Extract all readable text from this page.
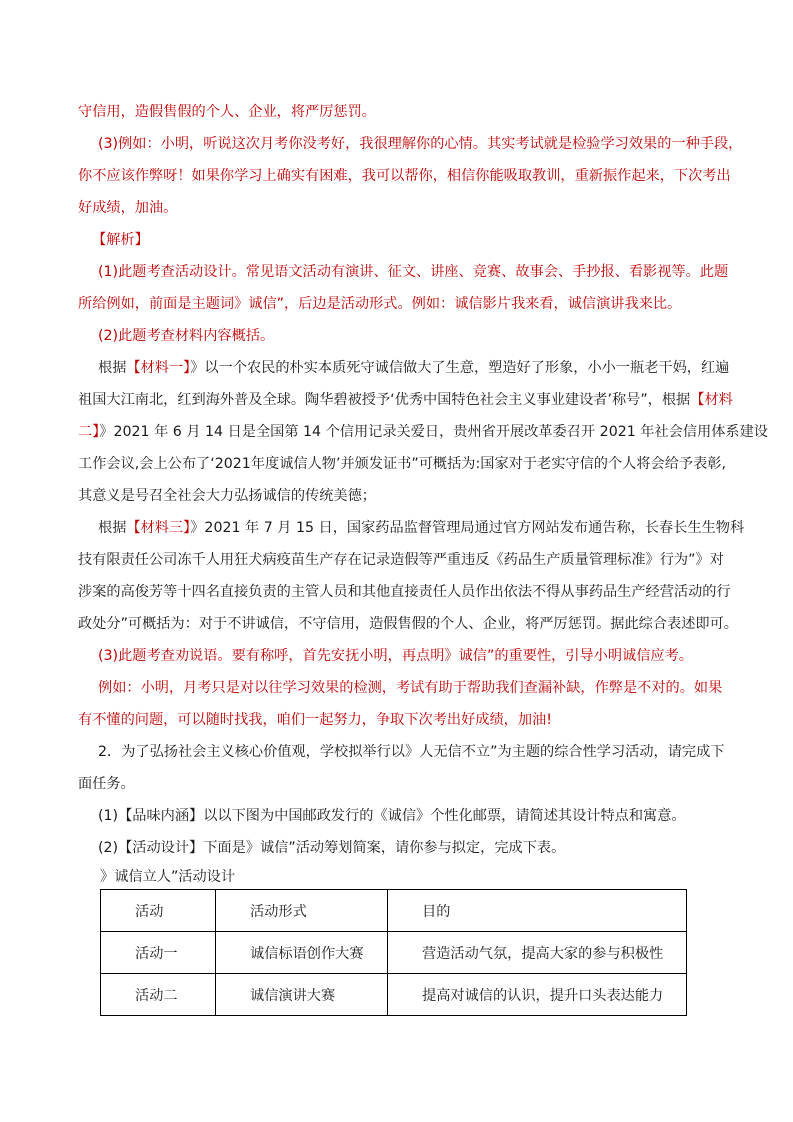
守信用，造假售假的个人、企业，将严厉惩罚。
(3)例如：小明，听说这次月考你没考好，我很理解你的心情。其实考试就是检验学习效果的一种手段，
你不应该作弊呀！如果你学习上确实有困难，我可以帮你，相信你能吸取教训，重新振作起来，下次考出
好成绩，加油。
【解析】
(1)此题考查活动设计。常见语文活动有演讲、征文、讲座、竞赛、故事会、手抄报、看影视等。此题
所给例如，前面是主题词》诚信”，后边是活动形式。例如：诚信影片我来看，诚信演讲我来比。
(2)此题考查材料内容概括。
根据【材料一】》以一个农民的朴实本质死守诚信做大了生意，塑造好了形象，小小一瓶老干妈，红遍
祖国大江南北，红到海外普及全球。陶华碧被授予‘优秀中国特色社会主义事业建设者’称号”，根据【材料
二】》2021 年 6 月 14 日是全国第 14 个信用记录关爱日，贵州省开展改革委召开 2021 年社会信用体系建设
工作会议,会上公布了‘2021年度诚信人物’并颁发证书”可概括为:国家对于老实守信的个人将会给予表彰,
其意义是号召全社会大力弘扬诚信的传统美德；
根据【材料三】》2021 年 7 月 15 日，国家药品监督管理局通过官方网站发布通告称，长春长生生物科
技有限责任公司冻千人用狂犬病疫苗生产存在记录造假等严重违反《药品生产质量管理标准》行为”》对
涉案的高俊芳等十四名直接负责的主管人员和其他直接责任人员作出依法不得从事药品生产经营活动的行
政处分”可概括为：对于不讲诚信，不守信用，造假售假的个人、企业，将严厉惩罚。据此综合表述即可。
(3)此题考查劝说语。要有称呼，首先安抚小明，再点明》诚信”的重要性，引导小明诚信应考。
例如：小明，月考只是对以往学习效果的检测，考试有助于帮助我们查漏补缺，作弊是不对的。如果
有不懂的问题，可以随时找我，咱们一起努力，争取下次考出好成绩，加油!
2．为了弘扬社会主义核心价值观，学校拟举行以》人无信不立”为主题的综合性学习活动，请完成下
面任务。
(1)【品味内涵】以以下图为中国邮政发行的《诚信》个性化邮票，请简述其设计特点和寓意。
(2)【活动设计】下面是》诚信”活动筹划简案，请你参与拟定，完成下表。
》诚信立人”活动设计
活动	活动形式	目的
活动一	诚信标语创作大赛	营造活动气氛，提高大家的参与积极性
活动二	诚信演讲大赛	提高对诚信的认识，提升口头表达能力
